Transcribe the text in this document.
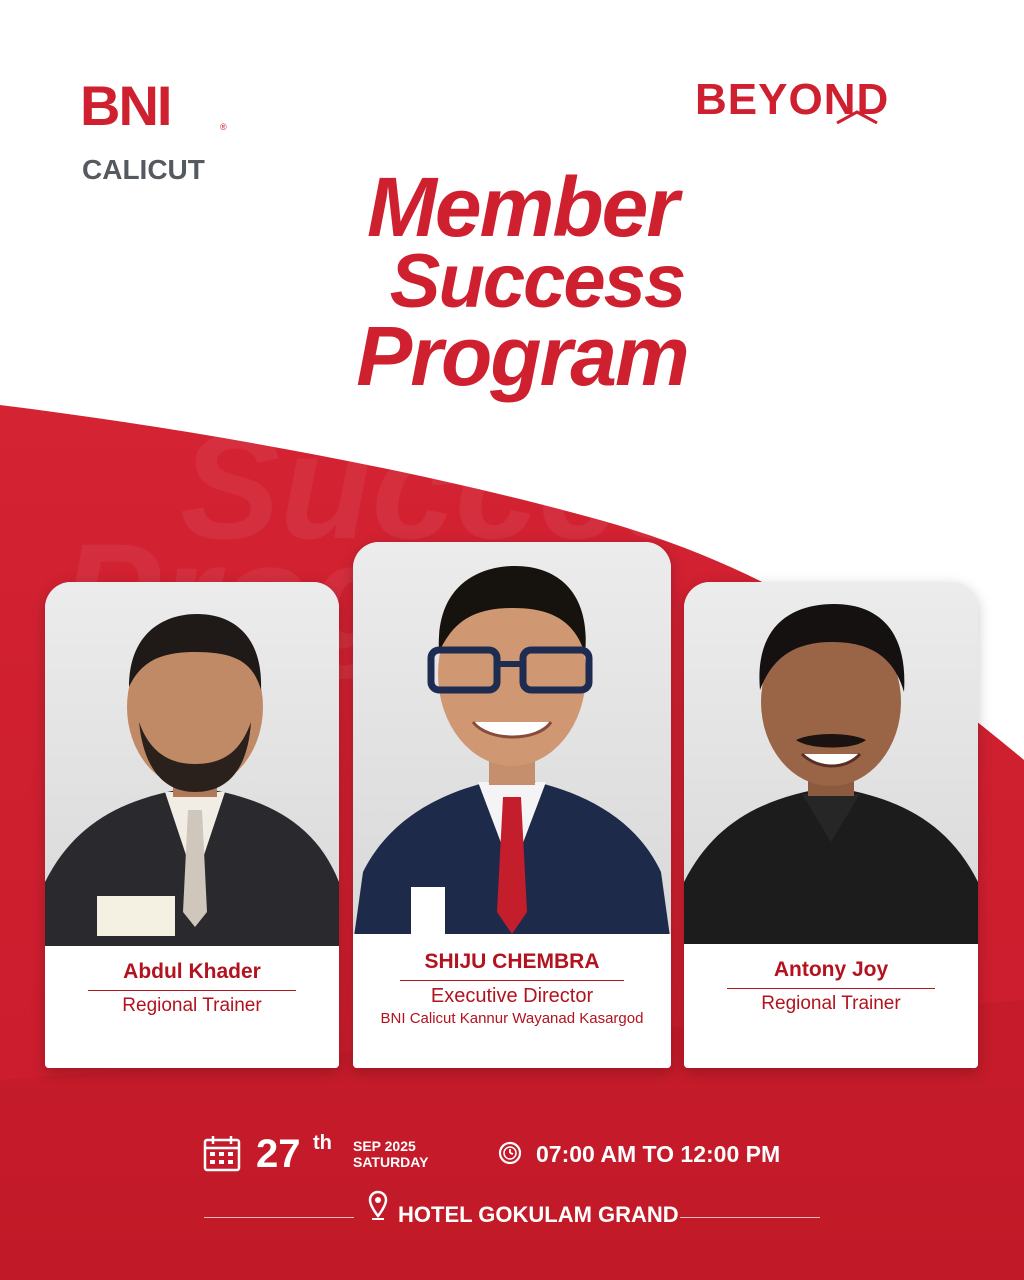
Success
BNI	®
CALICUT
BEYOND
Member
Success
Program
Abdul Khader
Regional Trainer
SHIJU CHEMBRA
Executive Director
BNI Calicut Kannur Wayanad Kasargod
Antony Joy
Regional Trainer
27 th SEP 2025
SATURDAY	07:00 AM TO 12:00 PM
HOTEL GOKULAM GRAND
